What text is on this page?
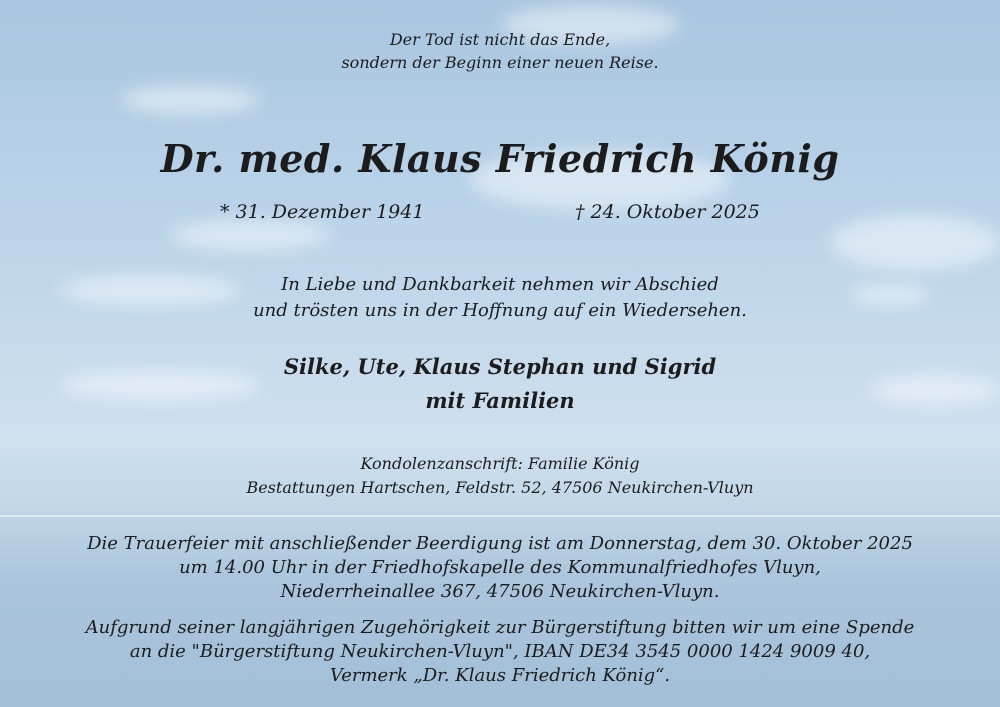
Der Tod ist nicht das Ende,
sondern der Beginn einer neuen Reise.
Dr. med. Klaus Friedrich König
* 31. Dezember 1941	† 24. Oktober 2025
In Liebe und Dankbarkeit nehmen wir Abschied
und trösten uns in der Hoffnung auf ein Wiedersehen.
Silke, Ute, Klaus Stephan und Sigrid
mit Familien
Kondolenzanschrift: Familie König
Bestattungen Hartschen, Feldstr. 52, 47506 Neukirchen-Vluyn
Die Trauerfeier mit anschließender Beerdigung ist am Donnerstag, dem 30. Oktober 2025
um 14.00 Uhr in der Friedhofskapelle des Kommunalfriedhofes Vluyn,
Niederrheinallee 367, 47506 Neukirchen-Vluyn.
Aufgrund seiner langjährigen Zugehörigkeit zur Bürgerstiftung bitten wir um eine Spende
an die "Bürgerstiftung Neukirchen-Vluyn", IBAN DE34 3545 0000 1424 9009 40,
Vermerk „Dr. Klaus Friedrich König“.
